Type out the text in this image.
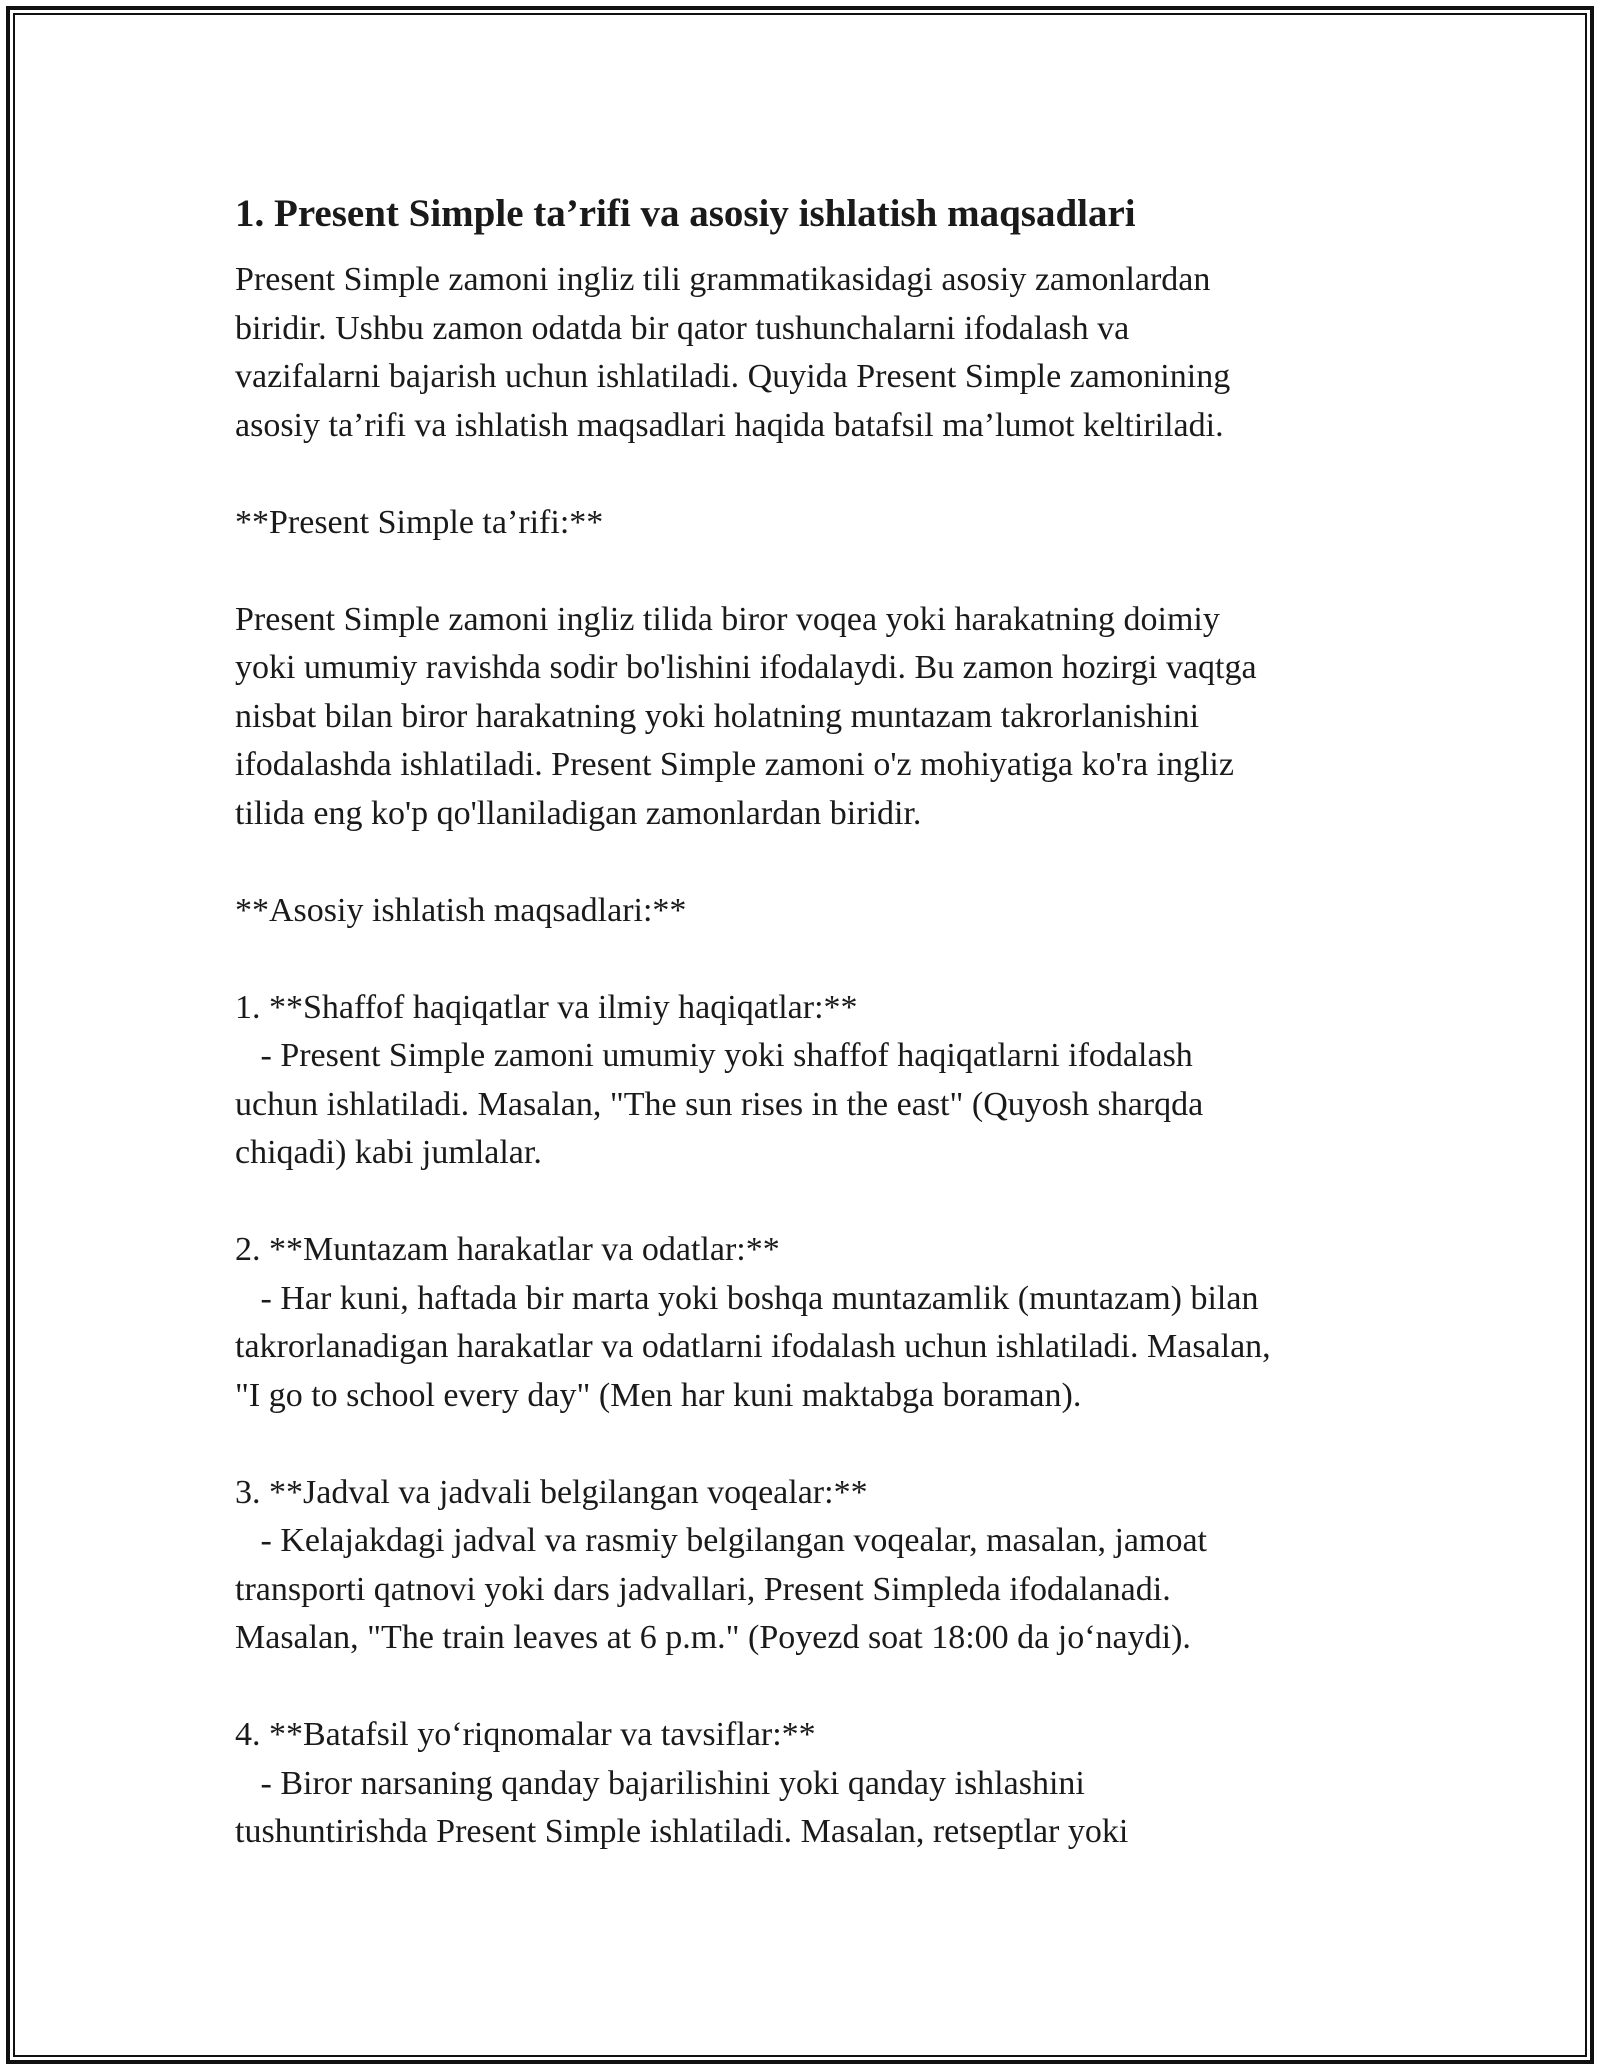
1. Present Simple ta’rifi va asosiy ishlatish maqsadlari

Present Simple zamoni ingliz tili grammatikasidagi asosiy zamonlardan

biridir. Ushbu zamon odatda bir qator tushunchalarni ifodalash va

vazifalarni bajarish uchun ishlatiladi. Quyida Present Simple zamonining

asosiy ta’rifi va ishlatish maqsadlari haqida batafsil ma’lumot keltiriladi.

**Present Simple ta’rifi:**

Present Simple zamoni ingliz tilida biror voqea yoki harakatning doimiy

yoki umumiy ravishda sodir bo'lishini ifodalaydi. Bu zamon hozirgi vaqtga

nisbat bilan biror harakatning yoki holatning muntazam takrorlanishini

ifodalashda ishlatiladi. Present Simple zamoni o'z mohiyatiga ko'ra ingliz

tilida eng ko'p qo'llaniladigan zamonlardan biridir.

**Asosiy ishlatish maqsadlari:**

1. **Shaffof haqiqatlar va ilmiy haqiqatlar:**

- Present Simple zamoni umumiy yoki shaffof haqiqatlarni ifodalash

uchun ishlatiladi. Masalan, "The sun rises in the east" (Quyosh sharqda

chiqadi) kabi jumlalar.

2. **Muntazam harakatlar va odatlar:**

- Har kuni, haftada bir marta yoki boshqa muntazamlik (muntazam) bilan

takrorlanadigan harakatlar va odatlarni ifodalash uchun ishlatiladi. Masalan,

"I go to school every day" (Men har kuni maktabga boraman).

3. **Jadval va jadvali belgilangan voqealar:**

- Kelajakdagi jadval va rasmiy belgilangan voqealar, masalan, jamoat

transporti qatnovi yoki dars jadvallari, Present Simpleda ifodalanadi.

Masalan, "The train leaves at 6 p.m." (Poyezd soat 18:00 da jo‘naydi).

4. **Batafsil yo‘riqnomalar va tavsiflar:**

- Biror narsaning qanday bajarilishini yoki qanday ishlashini

tushuntirishda Present Simple ishlatiladi. Masalan, retseptlar yoki
